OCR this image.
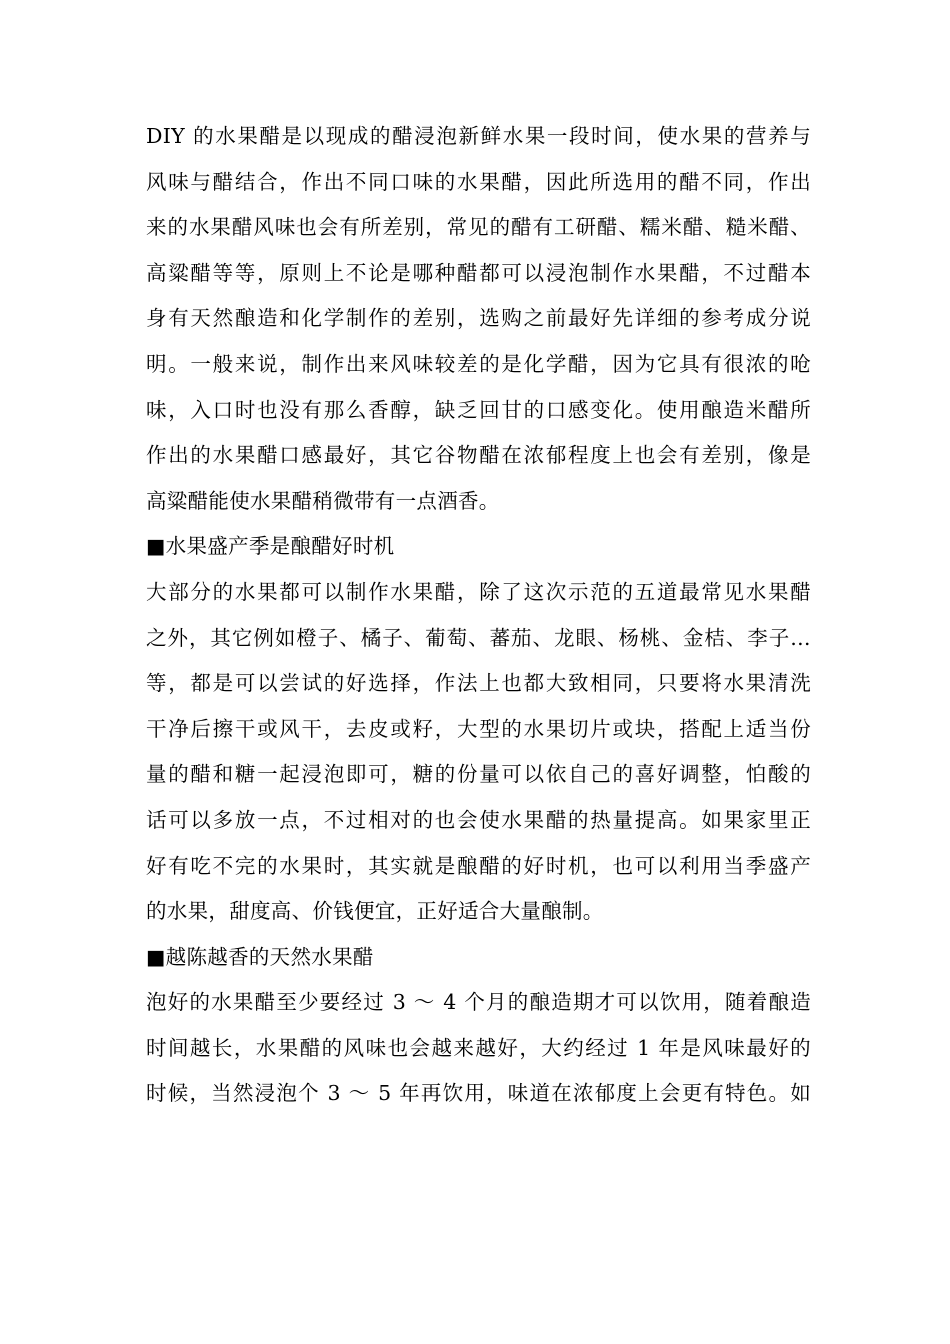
DIY 的水果醋是以现成的醋浸泡新鲜水果一段时间，使水果的营养与
风味与醋结合，作出不同口味的水果醋，因此所选用的醋不同，作出
来的水果醋风味也会有所差别，常见的醋有工研醋、糯米醋、糙米醋、
高粱醋等等，原则上不论是哪种醋都可以浸泡制作水果醋，不过醋本
身有天然酿造和化学制作的差别，选购之前最好先详细的参考成分说
明。一般来说，制作出来风味较差的是化学醋，因为它具有很浓的呛
味，入口时也没有那么香醇，缺乏回甘的口感变化。使用酿造米醋所
作出的水果醋口感最好，其它谷物醋在浓郁程度上也会有差别，像是
高粱醋能使水果醋稍微带有一点酒香。
■水果盛产季是酿醋好时机
大部分的水果都可以制作水果醋，除了这次示范的五道最常见水果醋
之外，其它例如橙子、橘子、葡萄、蕃茄、龙眼、杨桃、金桔、李子…
等，都是可以尝试的好选择，作法上也都大致相同，只要将水果清洗
干净后擦干或风干，去皮或籽，大型的水果切片或块，搭配上适当份
量的醋和糖一起浸泡即可，糖的份量可以依自己的喜好调整，怕酸的
话可以多放一点，不过相对的也会使水果醋的热量提高。如果家里正
好有吃不完的水果时，其实就是酿醋的好时机，也可以利用当季盛产
的水果，甜度高、价钱便宜，正好适合大量酿制。
■越陈越香的天然水果醋
泡好的水果醋至少要经过 3 ～ 4 个月的酿造期才可以饮用，随着酿造
时间越长，水果醋的风味也会越来越好，大约经过 1 年是风味最好的
时候，当然浸泡个 3 ～ 5 年再饮用，味道在浓郁度上会更有特色。如
